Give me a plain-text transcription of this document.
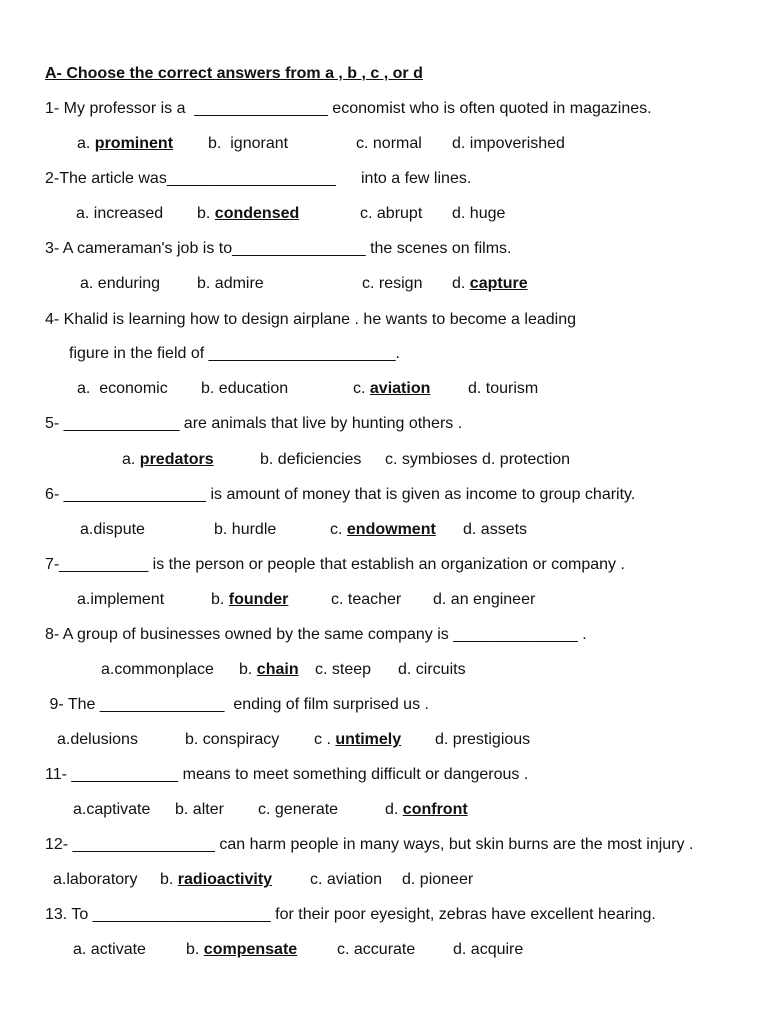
A- Choose the correct answers from a , b , c , or d
1- My professor is a  _______________ economist who is often quoted in magazines.
a. prominent b.  ignorant	c. normal d. impoverished
2-The article was___________________ into a few lines.
a. increased b. condensed	c. abrupt d. huge
3- A cameraman's job is to_______________ the scenes on films.
a. enduring b. admire	c. resign d. capture
4- Khalid is learning how to design airplane . he wants to become a leading
figure in the field of _____________________.
a.  economic b. education	c. aviation d. tourism
5- _____________ are animals that live by hunting others .
a. predators	b. deficiencies c. symbioses d. protection
6- ________________ is amount of money that is given as income to group charity.
a.dispute	b. hurdle	c. endowment d. assets
7-__________ is the person or people that establish an organization or company .
a.implement	b. founder	c. teacher d. an engineer
8- A group of businesses owned by the same company is ______________ .
a.commonplace b. chain c. steep d. circuits
9- The ______________  ending of film surprised us .
a.delusions	b. conspiracy c . untimely d. prestigious
11- ____________ means to meet something difficult or dangerous .
a.captivate b. alter c. generate	d. confront
12- ________________ can harm people in many ways, but skin burns are the most injury .
a.laboratory b. radioactivity c. aviation d. pioneer
13. To ____________________ for their poor eyesight, zebras have excellent hearing.
a. activate	b. compensate c. accurate d. acquire
